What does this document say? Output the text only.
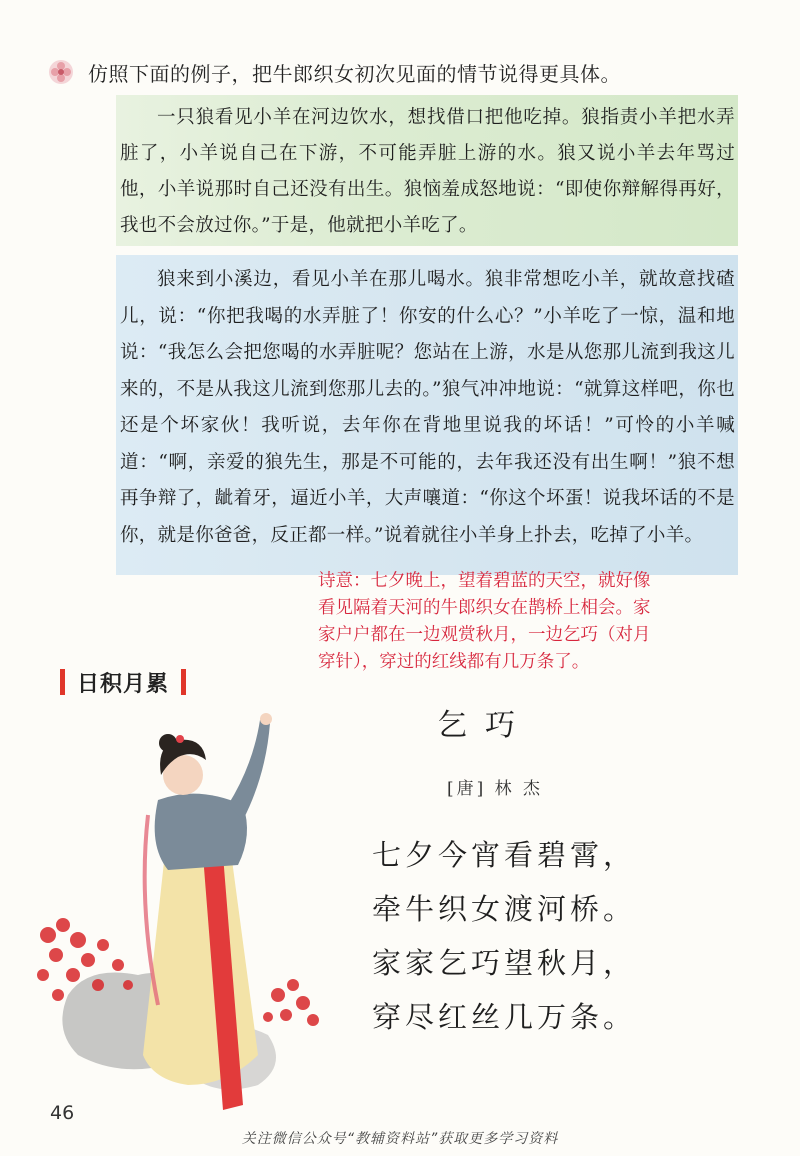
仿照下面的例子，把牛郎织女初次见面的情节说得更具体。

一只狼看见小羊在河边饮水，想找借口把他吃掉。狼指责小羊把水弄脏了，小羊说自己在下游，不可能弄脏上游的水。狼又说小羊去年骂过他，小羊说那时自己还没有出生。狼恼羞成怒地说：“即使你辩解得再好，我也不会放过你。”于是，他就把小羊吃了。

狼来到小溪边，看见小羊在那儿喝水。狼非常想吃小羊，就故意找碴儿，说：“你把我喝的水弄脏了！你安的什么心？”小羊吃了一惊，温和地说：“我怎么会把您喝的水弄脏呢？您站在上游，水是从您那儿流到我这儿来的，不是从我这儿流到您那儿去的。”狼气冲冲地说：“就算这样吧，你也还是个坏家伙！我听说，去年你在背地里说我的坏话！”可怜的小羊喊道：“啊，亲爱的狼先生，那是不可能的，去年我还没有出生啊！”狼不想再争辩了，龇着牙，逼近小羊，大声嚷道：“你这个坏蛋！说我坏话的不是你，就是你爸爸，反正都一样。”说着就往小羊身上扑去，吃掉了小羊。

诗意：七夕晚上，望着碧蓝的天空，就好像看见隔着天河的牛郎织女在鹊桥上相会。家家户户都在一边观赏秋月，一边乞巧（对月穿针），穿过的红线都有几万条了。

日积月累
乞巧
[唐] 林 杰
七夕今宵看碧霄，
牵牛织女渡河桥。
家家乞巧望秋月，
穿尽红丝几万条。
46
关注微信公众号“教辅资料站”获取更多学习资料
